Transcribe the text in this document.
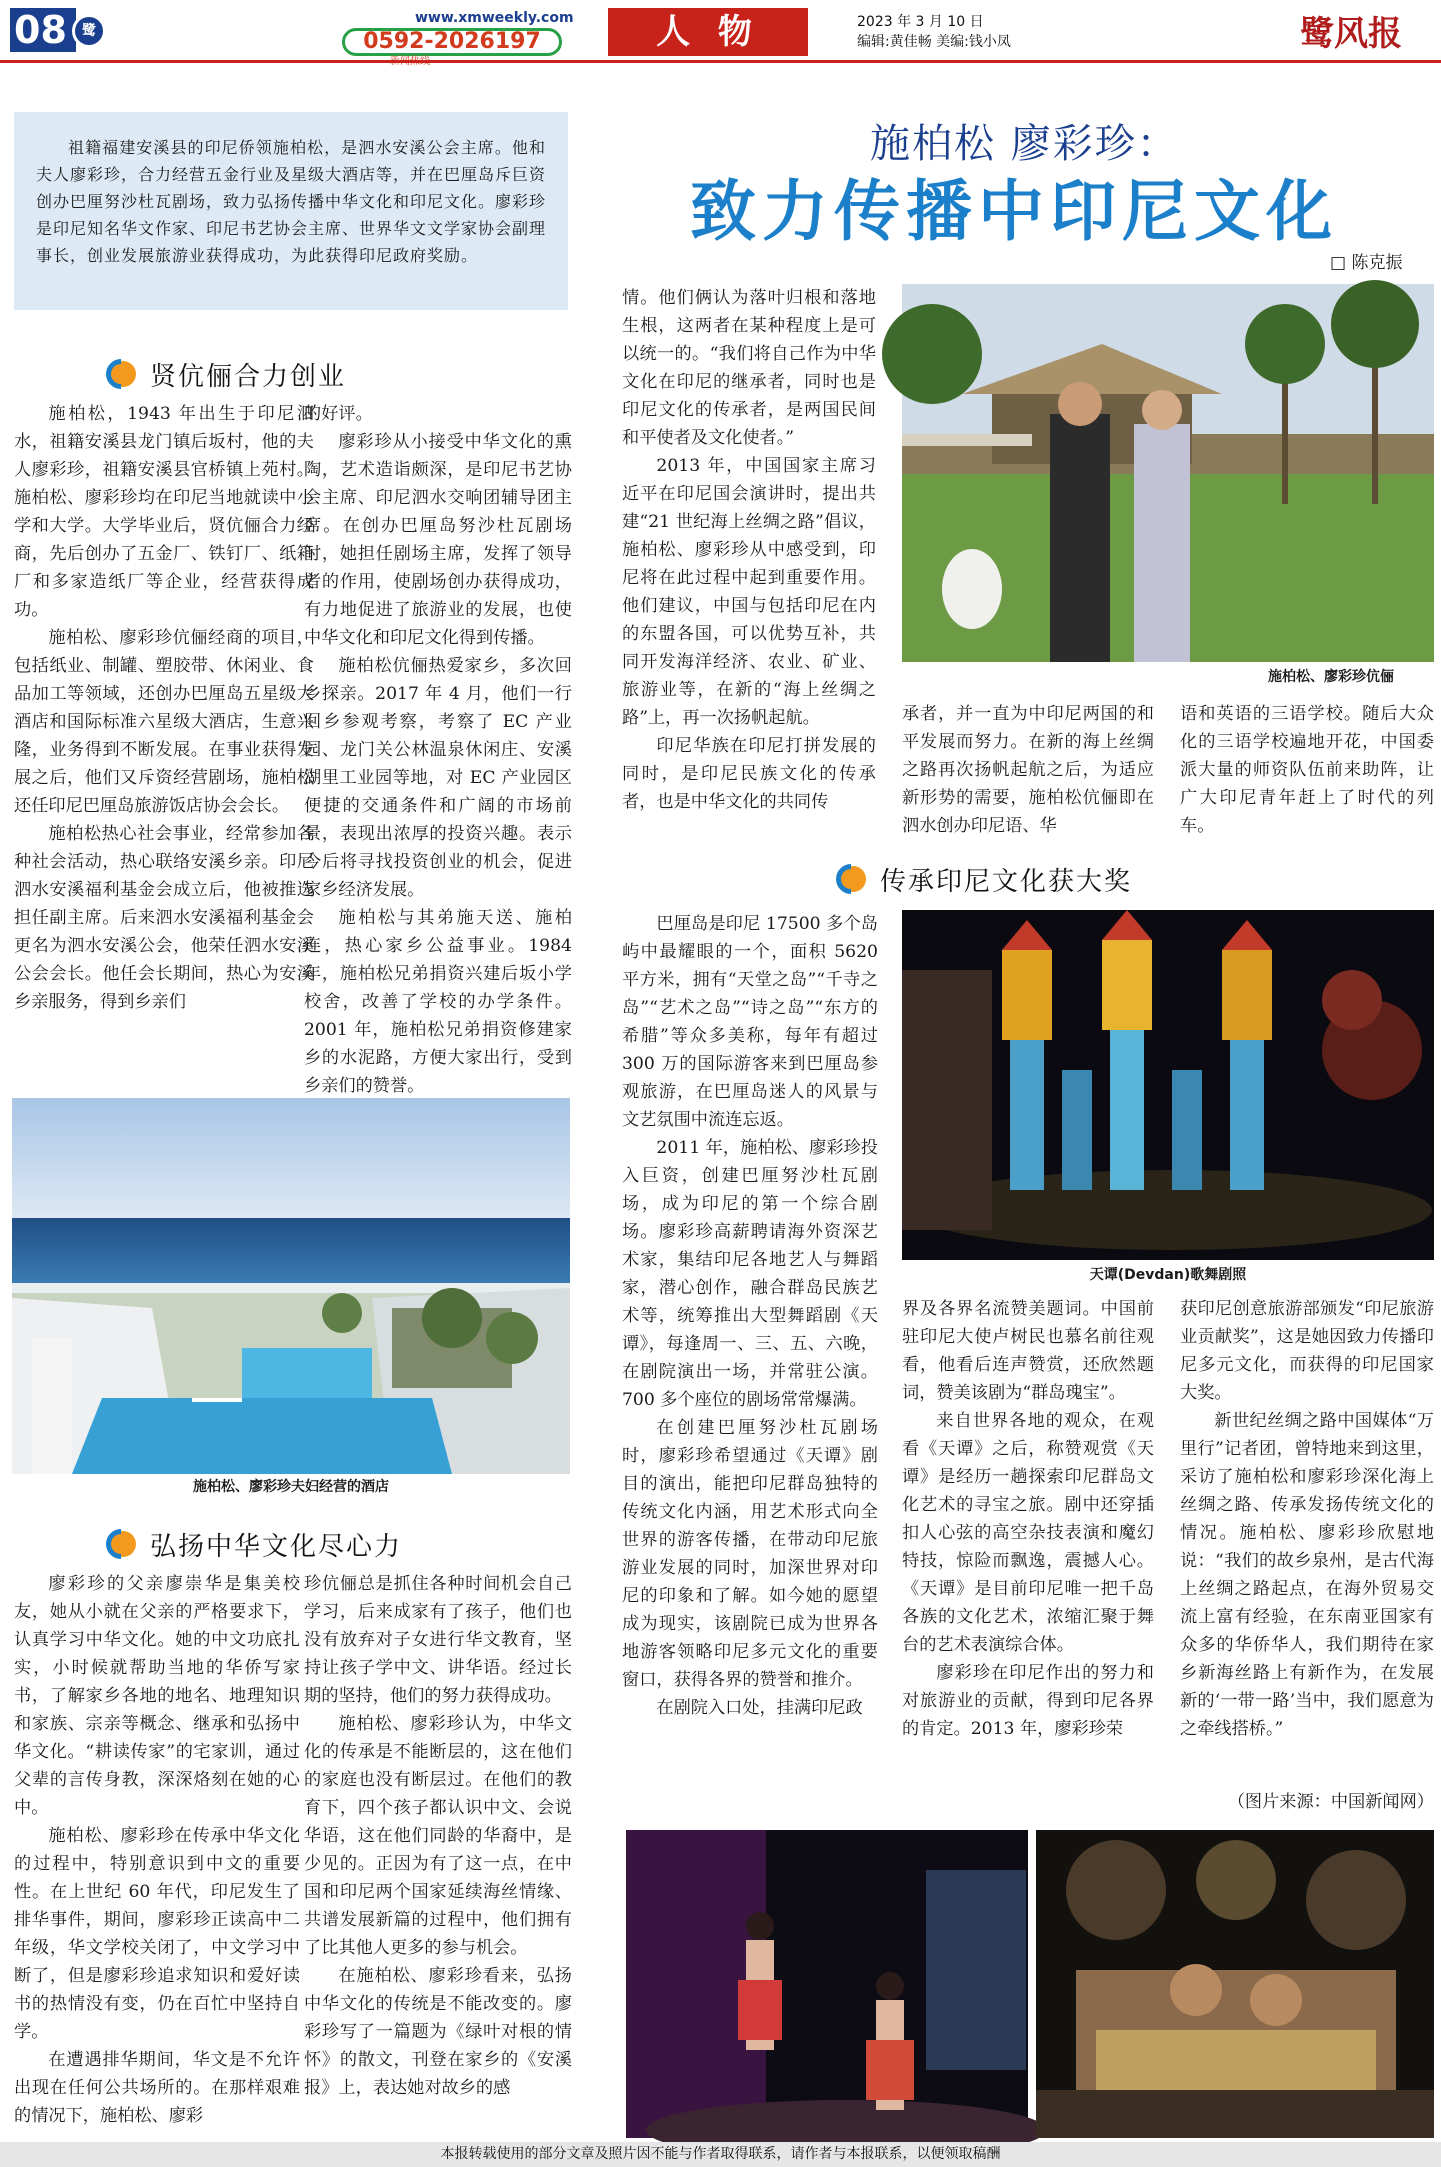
08	鹭
www.xmweekly.com
0592-2026197	人 物	2023 年 3 月 10 日
编辑:黄佳畅 美编:钱小凤	鹭风报

祖籍福建安溪县的印尼侨领施柏松，是泗水安溪公会主席。他和夫人廖彩珍，合力经营五金行业及星级大酒店等，并在巴厘岛斥巨资创办巴厘努沙杜瓦剧场，致力弘扬传播中华文化和印尼文化。廖彩珍是印尼知名华文作家、印尼书艺协会主席、世界华文文学家协会副理事长，创业发展旅游业获得成功，为此获得印尼政府奖励。

施柏松 廖彩珍：
致力传播中印尼文化
□ 陈克振
贤伉俪合力创业

施柏松，1943 年出生于印尼泗水，祖籍安溪县龙门镇后坂村，他的夫人廖彩珍，祖籍安溪县官桥镇上苑村。施柏松、廖彩珍均在印尼当地就读中小学和大学。大学毕业后，贤伉俪合力经商，先后创办了五金厂、铁钉厂、纸箱厂和多家造纸厂等企业，经营获得成功。

施柏松、廖彩珍伉俪经商的项目，包括纸业、制罐、塑胶带、休闲业、食品加工等领域，还创办巴厘岛五星级大酒店和国际标准六星级大酒店，生意兴隆，业务得到不断发展。在事业获得发展之后，他们又斥资经营剧场，施柏松还任印尼巴厘岛旅游饭店协会会长。

施柏松热心社会事业，经常参加各种社会活动，热心联络安溪乡亲。印尼泗水安溪福利基金会成立后，他被推选担任副主席。后来泗水安溪福利基金会更名为泗水安溪公会，他荣任泗水安溪公会会长。他任会长期间，热心为安溪乡亲服务，得到乡亲们

的好评。

廖彩珍从小接受中华文化的熏陶，艺术造诣颇深，是印尼书艺协会主席、印尼泗水交响团辅导团主席。在创办巴厘岛努沙杜瓦剧场时，她担任剧场主席，发挥了领导者的作用，使剧场创办获得成功，有力地促进了旅游业的发展，也使中华文化和印尼文化得到传播。

施柏松伉俪热爱家乡，多次回乡探亲。2017 年 4 月，他们一行回乡参观考察，考察了 EC 产业园、龙门关公林温泉休闲庄、安溪湖里工业园等地，对 EC 产业园区便捷的交通条件和广阔的市场前景，表现出浓厚的投资兴趣。表示今后将寻找投资创业的机会，促进家乡经济发展。

施柏松与其弟施天送、施柏连，热心家乡公益事业。1984 年，施柏松兄弟捐资兴建后坂小学校舍，改善了学校的办学条件。2001 年，施柏松兄弟捐资修建家乡的水泥路，方便大家出行，受到乡亲们的赞誉。

施柏松、廖彩珍夫妇经营的酒店
弘扬中华文化尽心力

廖彩珍的父亲廖崇华是集美校友，她从小就在父亲的严格要求下，认真学习中华文化。她的中文功底扎实，小时候就帮助当地的华侨写家书，了解家乡各地的地名、地理知识和家族、宗亲等概念、继承和弘扬中华文化。“耕读传家”的宅家训，通过父辈的言传身教，深深烙刻在她的心中。

施柏松、廖彩珍在传承中华文化的过程中，特别意识到中文的重要性。在上世纪 60 年代，印尼发生了排华事件，期间，廖彩珍正读高中二年级，华文学校关闭了，中文学习中断了，但是廖彩珍追求知识和爱好读书的热情没有变，仍在百忙中坚持自学。

在遭遇排华期间，华文是不允许出现在任何公共场所的。在那样艰难的情况下，施柏松、廖彩

珍伉俪总是抓住各种时间机会自己学习，后来成家有了孩子，他们也没有放弃对子女进行华文教育，坚持让孩子学中文、讲华语。经过长期的坚持，他们的努力获得成功。

施柏松、廖彩珍认为，中华文化的传承是不能断层的，这在他们的家庭也没有断层过。在他们的教育下，四个孩子都认识中文、会说华语，这在他们同龄的华裔中，是少见的。正因为有了这一点，在中国和印尼两个国家延续海丝情缘、共谱发展新篇的过程中，他们拥有了比其他人更多的参与机会。

在施柏松、廖彩珍看来，弘扬中华文化的传统是不能改变的。廖彩珍写了一篇题为《绿叶对根的情怀》的散文，刊登在家乡的《安溪报》上，表达她对故乡的感

情。他们俩认为落叶归根和落地生根，这两者在某种程度上是可以统一的。“我们将自己作为中华文化在印尼的继承者，同时也是印尼文化的传承者，是两国民间和平使者及文化使者。”

2013 年，中国国家主席习近平在印尼国会演讲时，提出共建“21 世纪海上丝绸之路”倡议，施柏松、廖彩珍从中感受到，印尼将在此过程中起到重要作用。他们建议，中国与包括印尼在内的东盟各国，可以优势互补，共同开发海洋经济、农业、矿业、旅游业等，在新的“海上丝绸之路”上，再一次扬帆起航。

印尼华族在印尼打拼发展的同时，是印尼民族文化的传承者，也是中华文化的共同传

施柏松、廖彩珍伉俪

承者，并一直为中印尼两国的和平发展而努力。在新的海上丝绸之路再次扬帆起航之后，为适应新形势的需要，施柏松伉俪即在泗水创办印尼语、华

语和英语的三语学校。随后大众化的三语学校遍地开花，中国委派大量的师资队伍前来助阵，让广大印尼青年赶上了时代的列车。

传承印尼文化获大奖

巴厘岛是印尼 17500 多个岛屿中最耀眼的一个，面积 5620 平方米，拥有“天堂之岛”“千寺之岛”“艺术之岛”“诗之岛”“东方的希腊”等众多美称，每年有超过 300 万的国际游客来到巴厘岛参观旅游，在巴厘岛迷人的风景与文艺氛围中流连忘返。

2011 年，施柏松、廖彩珍投入巨资，创建巴厘努沙杜瓦剧场，成为印尼的第一个综合剧场。廖彩珍高薪聘请海外资深艺术家，集结印尼各地艺人与舞蹈家，潜心创作，融合群岛民族艺术等，统筹推出大型舞蹈剧《天谭》，每逢周一、三、五、六晚，在剧院演出一场，并常驻公演。700 多个座位的剧场常常爆满。

在创建巴厘努沙杜瓦剧场时，廖彩珍希望通过《天谭》剧目的演出，能把印尼群岛独特的传统文化内涵，用艺术形式向全世界的游客传播，在带动印尼旅游业发展的同时，加深世界对印尼的印象和了解。如今她的愿望成为现实，该剧院已成为世界各地游客领略印尼多元文化的重要窗口，获得各界的赞誉和推介。

在剧院入口处，挂满印尼政

天谭(Devdan)歌舞剧照

界及各界名流赞美题词。中国前驻印尼大使卢树民也慕名前往观看，他看后连声赞赏，还欣然题词，赞美该剧为“群岛瑰宝”。

来自世界各地的观众，在观看《天谭》之后，称赞观赏《天谭》是经历一趟探索印尼群岛文化艺术的寻宝之旅。剧中还穿插扣人心弦的高空杂技表演和魔幻特技，惊险而飘逸，震撼人心。《天谭》是目前印尼唯一把千岛各族的文化艺术，浓缩汇聚于舞台的艺术表演综合体。

廖彩珍在印尼作出的努力和对旅游业的贡献，得到印尼各界的肯定。2013 年，廖彩珍荣

获印尼创意旅游部颁发“印尼旅游业贡献奖”，这是她因致力传播印尼多元文化，而获得的印尼国家大奖。

新世纪丝绸之路中国媒体“万里行”记者团，曾特地来到这里，采访了施柏松和廖彩珍深化海上丝绸之路、传承发扬传统文化的情况。施柏松、廖彩珍欣慰地说：“我们的故乡泉州，是古代海上丝绸之路起点，在海外贸易交流上富有经验，在东南亚国家有众多的华侨华人，我们期待在家乡新海丝路上有新作为，在发展新的‘一带一路’当中，我们愿意为之牵线搭桥。”

（图片来源：中国新闻网）

本报转载使用的部分文章及照片因不能与作者取得联系，请作者与本报联系，以便领取稿酬
